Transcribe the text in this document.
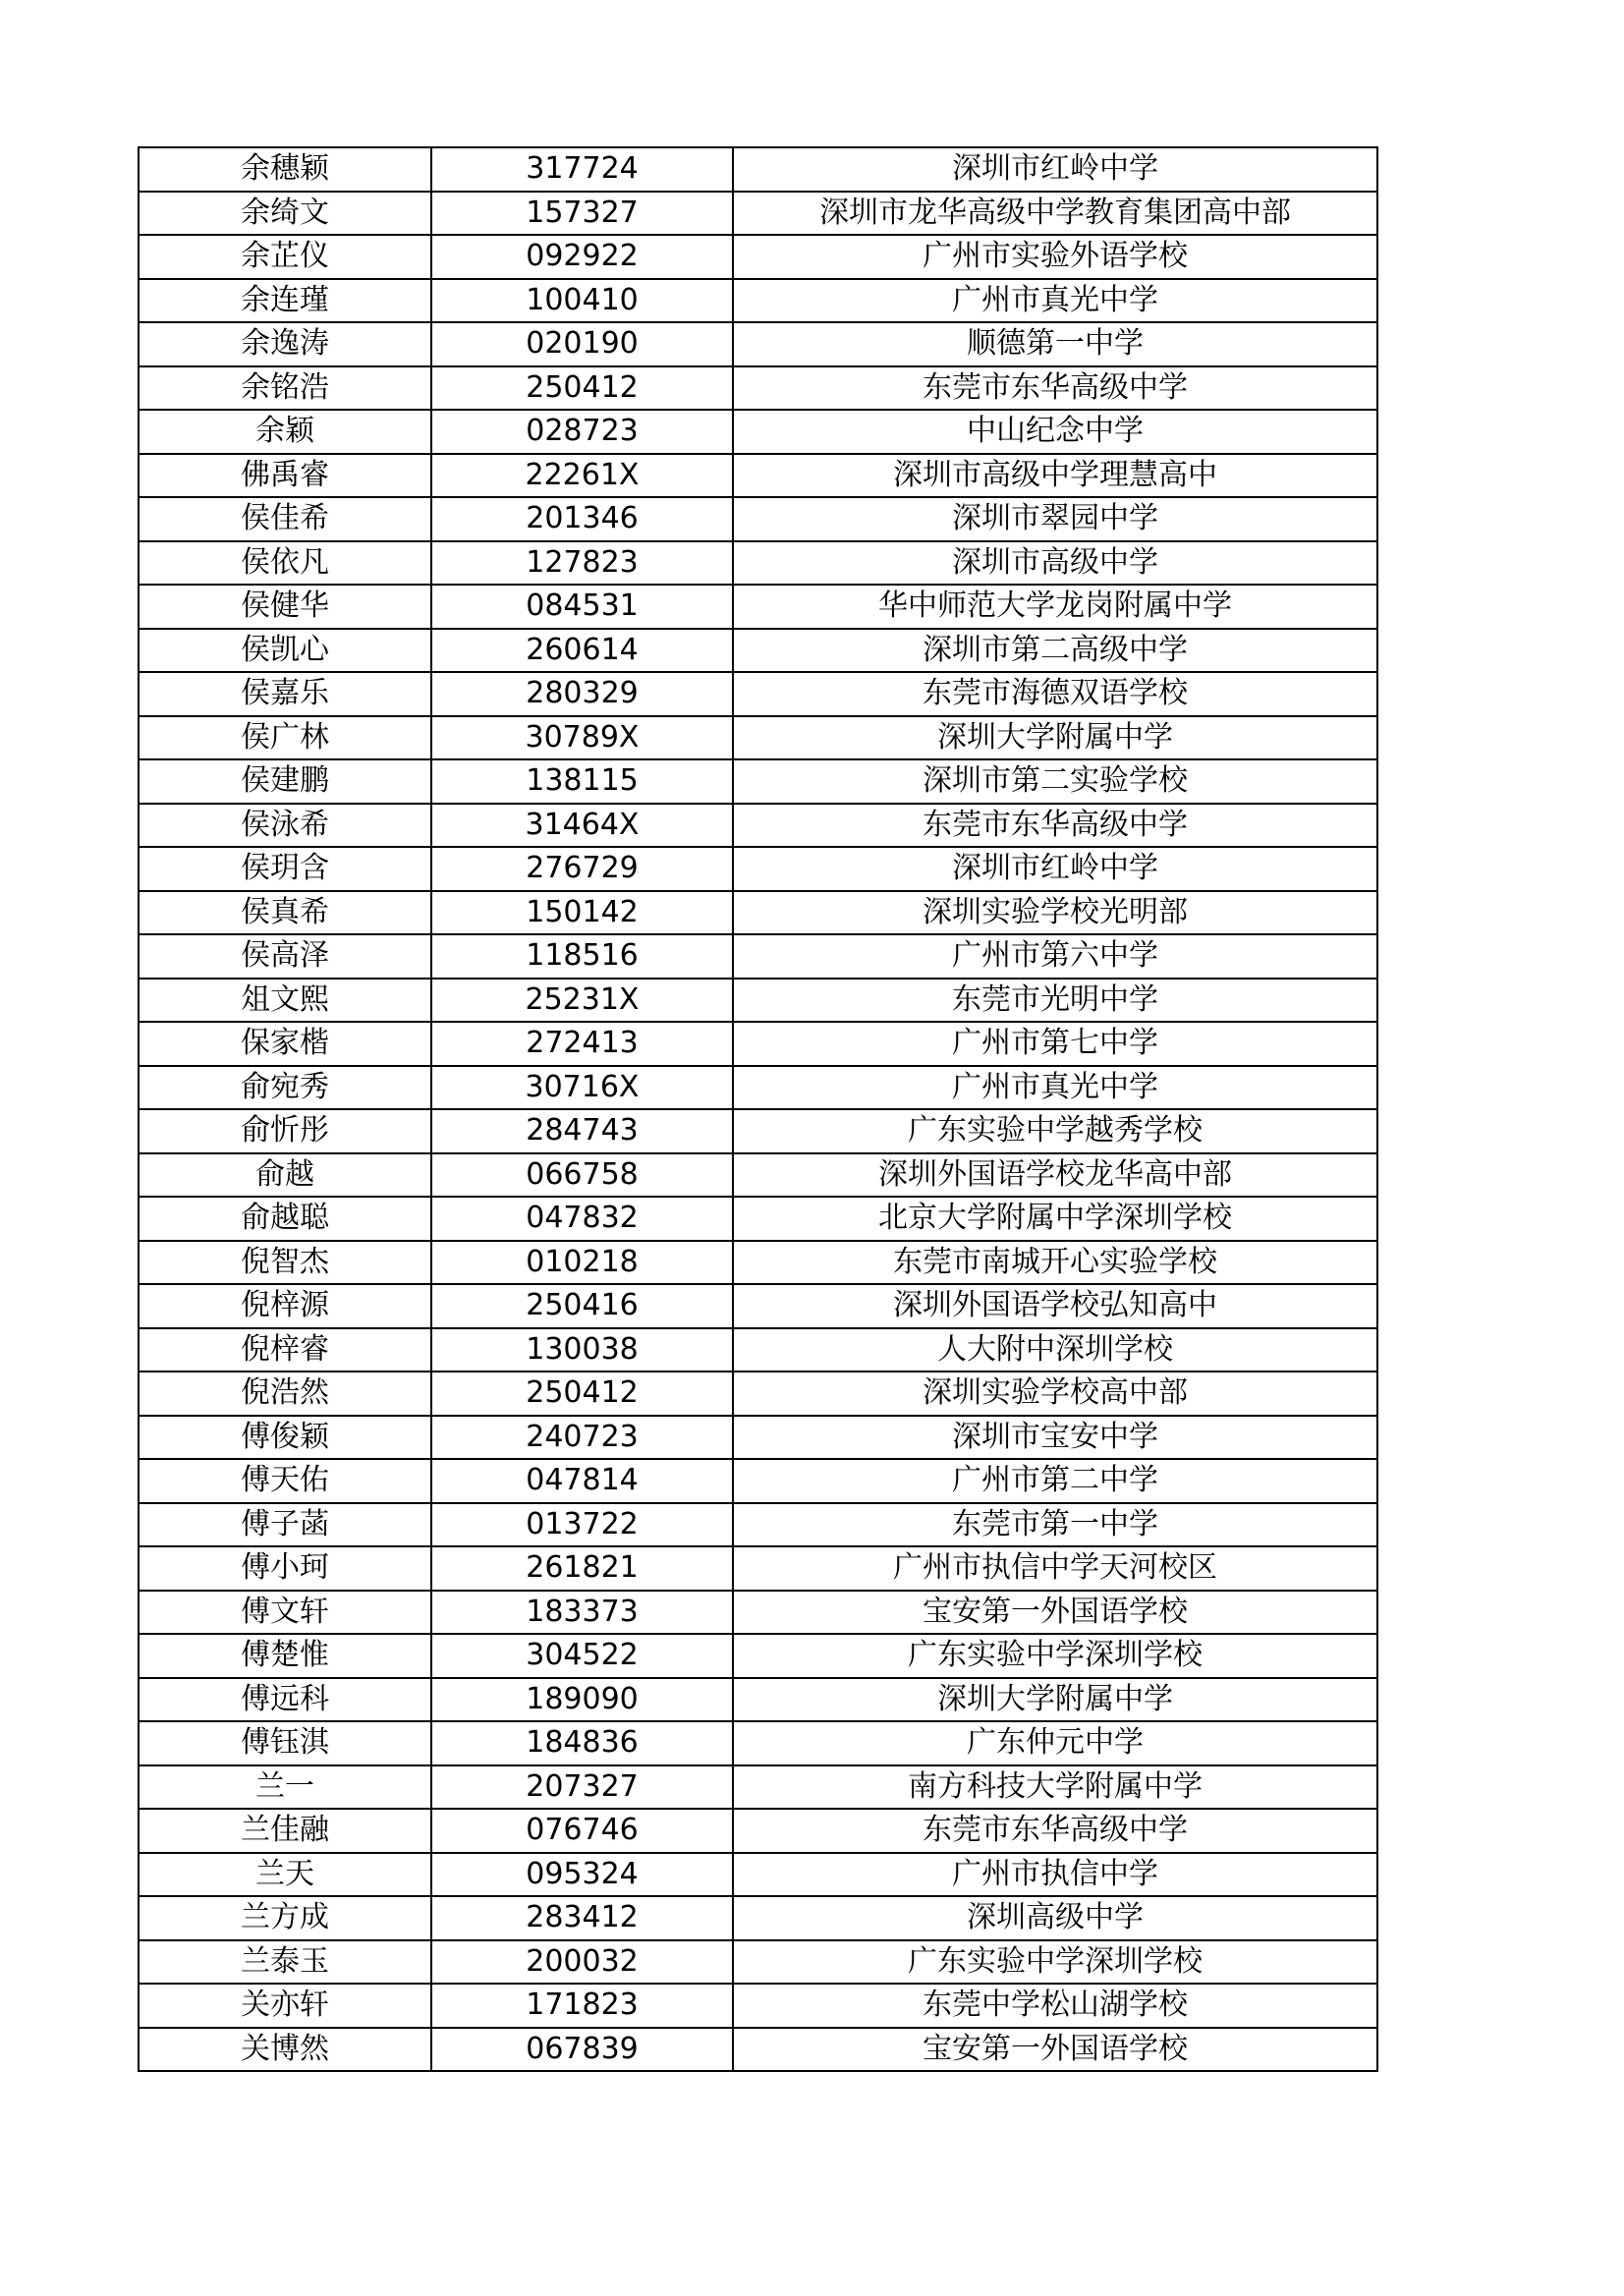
余穗颖	317724	深圳市红岭中学
余绮文	157327	深圳市龙华高级中学教育集团高中部
余芷仪	092922	广州市实验外语学校
余连瑾	100410	广州市真光中学
余逸涛	020190	顺德第一中学
余铭浩	250412	东莞市东华高级中学
余颖	028723	中山纪念中学
佛禹睿	22261X	深圳市高级中学理慧高中
侯佳希	201346	深圳市翠园中学
侯依凡	127823	深圳市高级中学
侯健华	084531	华中师范大学龙岗附属中学
侯凯心	260614	深圳市第二高级中学
侯嘉乐	280329	东莞市海德双语学校
侯广林	30789X	深圳大学附属中学
侯建鹏	138115	深圳市第二实验学校
侯泳希	31464X	东莞市东华高级中学
侯玥含	276729	深圳市红岭中学
侯真希	150142	深圳实验学校光明部
侯高泽	118516	广州市第六中学
俎文熙	25231X	东莞市光明中学
保家楷	272413	广州市第七中学
俞宛秀	30716X	广州市真光中学
俞忻彤	284743	广东实验中学越秀学校
俞越	066758	深圳外国语学校龙华高中部
俞越聪	047832	北京大学附属中学深圳学校
倪智杰	010218	东莞市南城开心实验学校
倪梓源	250416	深圳外国语学校弘知高中
倪梓睿	130038	人大附中深圳学校
倪浩然	250412	深圳实验学校高中部
傅俊颖	240723	深圳市宝安中学
傅天佑	047814	广州市第二中学
傅子菡	013722	东莞市第一中学
傅小珂	261821	广州市执信中学天河校区
傅文轩	183373	宝安第一外国语学校
傅楚惟	304522	广东实验中学深圳学校
傅远科	189090	深圳大学附属中学
傅钰淇	184836	广东仲元中学
兰一	207327	南方科技大学附属中学
兰佳融	076746	东莞市东华高级中学
兰天	095324	广州市执信中学
兰方成	283412	深圳高级中学
兰泰玉	200032	广东实验中学深圳学校
关亦轩	171823	东莞中学松山湖学校
关博然	067839	宝安第一外国语学校
